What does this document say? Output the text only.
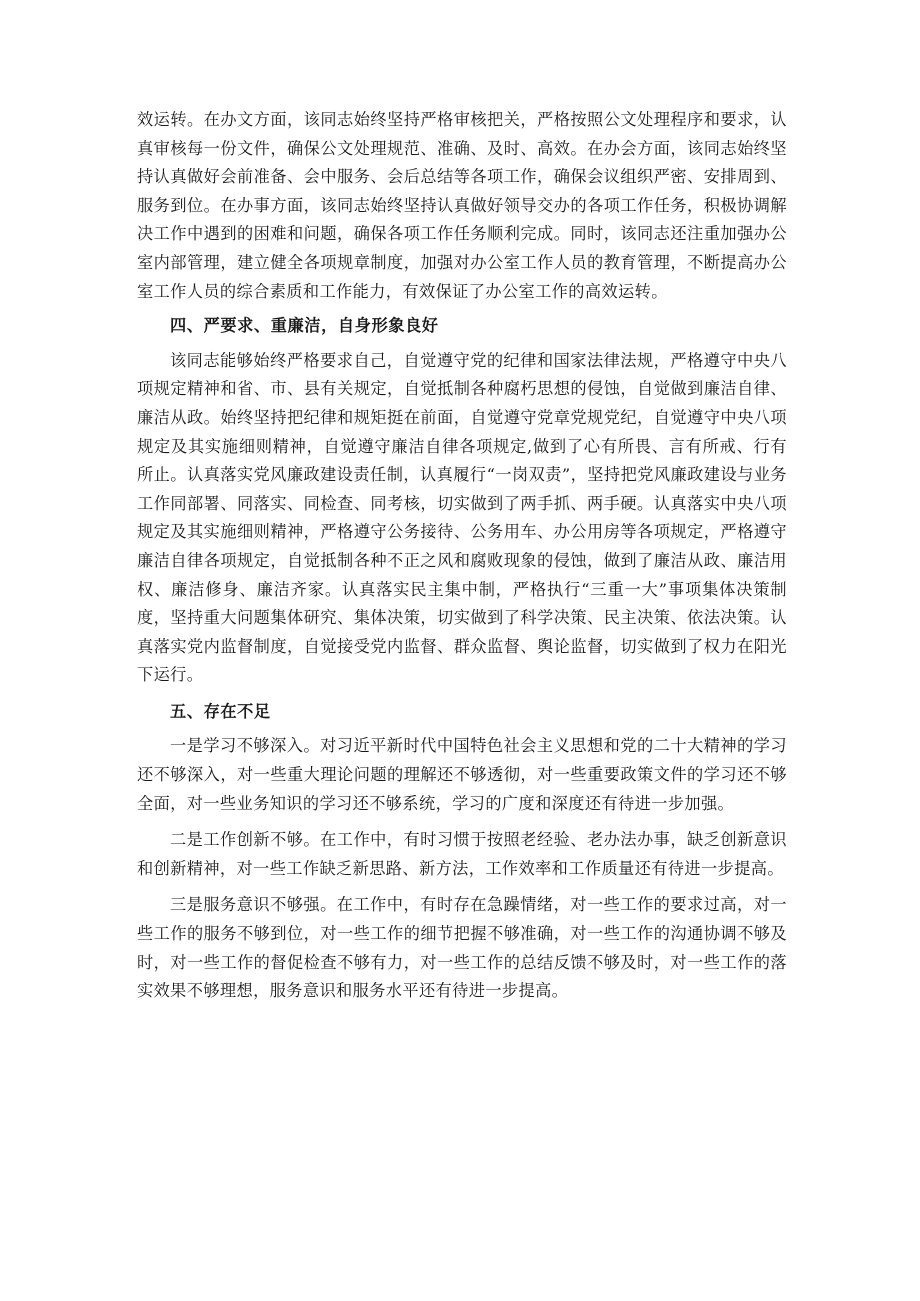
效运转。在办文方面，该同志始终坚持严格审核把关，严格按照公文处理程序和要求，认真审核每一份文件，确保公文处理规范、准确、及时、高效。在办会方面，该同志始终坚持认真做好会前准备、会中服务、会后总结等各项工作，确保会议组织严密、安排周到、服务到位。在办事方面，该同志始终坚持认真做好领导交办的各项工作任务，积极协调解决工作中遇到的困难和问题，确保各项工作任务顺利完成。同时，该同志还注重加强办公室内部管理，建立健全各项规章制度，加强对办公室工作人员的教育管理，不断提高办公室工作人员的综合素质和工作能力，有效保证了办公室工作的高效运转。

四、严要求、重廉洁，自身形象良好

该同志能够始终严格要求自己，自觉遵守党的纪律和国家法律法规，严格遵守中央八项规定精神和省、市、县有关规定，自觉抵制各种腐朽思想的侵蚀，自觉做到廉洁自律、廉洁从政。始终坚持把纪律和规矩挺在前面，自觉遵守党章党规党纪，自觉遵守中央八项规定及其实施细则精神，自觉遵守廉洁自律各项规定,做到了心有所畏、言有所戒、行有所止。认真落实党风廉政建设责任制，认真履行“一岗双责”，坚持把党风廉政建设与业务工作同部署、同落实、同检查、同考核，切实做到了两手抓、两手硬。认真落实中央八项规定及其实施细则精神，严格遵守公务接待、公务用车、办公用房等各项规定，严格遵守廉洁自律各项规定，自觉抵制各种不正之风和腐败现象的侵蚀，做到了廉洁从政、廉洁用权、廉洁修身、廉洁齐家。认真落实民主集中制，严格执行“三重一大”事项集体决策制度，坚持重大问题集体研究、集体决策，切实做到了科学决策、民主决策、依法决策。认真落实党内监督制度，自觉接受党内监督、群众监督、舆论监督，切实做到了权力在阳光下运行。

五、存在不足

一是学习不够深入。对习近平新时代中国特色社会主义思想和党的二十大精神的学习还不够深入，对一些重大理论问题的理解还不够透彻，对一些重要政策文件的学习还不够全面，对一些业务知识的学习还不够系统，学习的广度和深度还有待进一步加强。

二是工作创新不够。在工作中，有时习惯于按照老经验、老办法办事，缺乏创新意识和创新精神，对一些工作缺乏新思路、新方法，工作效率和工作质量还有待进一步提高。

三是服务意识不够强。在工作中，有时存在急躁情绪，对一些工作的要求过高，对一些工作的服务不够到位，对一些工作的细节把握不够准确，对一些工作的沟通协调不够及时，对一些工作的督促检查不够有力，对一些工作的总结反馈不够及时，对一些工作的落实效果不够理想，服务意识和服务水平还有待进一步提高。
